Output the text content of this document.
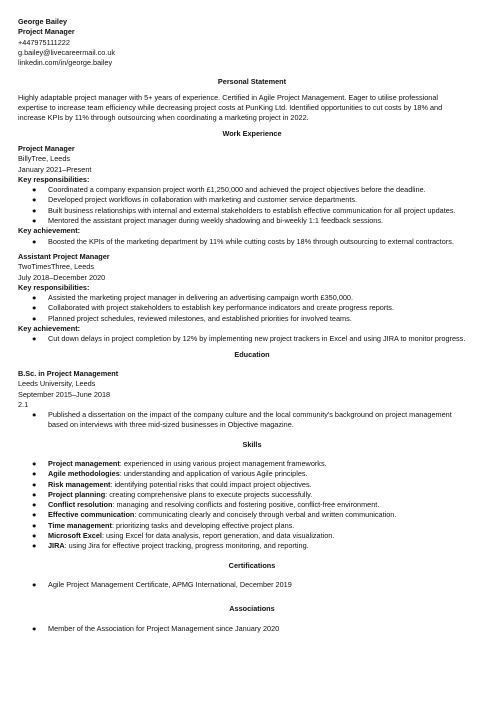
George Bailey
Project Manager
+447975111222
g.bailey@livecareermail.co.uk
linkedin.com/in/george.bailey
Personal Statement
Highly adaptable project manager with 5+ years of experience. Certified in Agile Project Management. Eager to utilise professional
expertise to increase team efficiency while decreasing project costs at PunKing Ltd. Identified opportunities to cut costs by 18% and
increase KPIs by 11% through outsourcing when coordinating a marketing project in 2022.
Work Experience
Project Manager
BillyTree, Leeds
January 2021–Present
Key responsibilities:
● Coordinated a company expansion project worth £1,250,000 and achieved the project objectives before the deadline.
● Developed project workflows in collaboration with marketing and customer service departments.
● Built business relationships with internal and external stakeholders to establish effective communication for all project updates.
● Mentored the assistant project manager during weekly shadowing and bi-weekly 1:1 feedback sessions.
Key achievement:
● Boosted the KPIs of the marketing department by 11% while cutting costs by 18% through outsourcing to external contractors.
Assistant Project Manager
TwoTimesThree, Leeds
July 2018–December 2020
Key responsibilities:
● Assisted the marketing project manager in delivering an advertising campaign worth £350,000.
● Collaborated with project stakeholders to establish key performance indicators and create progress reports.
● Planned project schedules, reviewed milestones, and established priorities for involved teams.
Key achievement:
● Cut down delays in project completion by 12% by implementing new project trackers in Excel and using JIRA to monitor progress.
Education
B.Sc. in Project Management
Leeds University, Leeds
September 2015–June 2018
2.1
● Published a dissertation on the impact of the company culture and the local community's background on project management
based on interviews with three mid-sized businesses in Objective magazine.
Skills
● Project management: experienced in using various project management frameworks.
● Agile methodologies: understanding and application of various Agile principles.
● Risk management: identifying potential risks that could impact project objectives.
● Project planning: creating comprehensive plans to execute projects successfully.
● Conflict resolution: managing and resolving conflicts and fostering positive, conflict-free environment.
● Effective communication: communicating clearly and concisely through verbal and written communication.
● Time management: prioritizing tasks and developing effective project plans.
● Microsoft Excel: using Excel for data analysis, report generation, and data visualization.
● JIRA: using Jira for effective project tracking, progress monitoring, and reporting.
Certifications
● Agile Project Management Certificate, APMG International, December 2019
Associations
● Member of the Association for Project Management since January 2020
